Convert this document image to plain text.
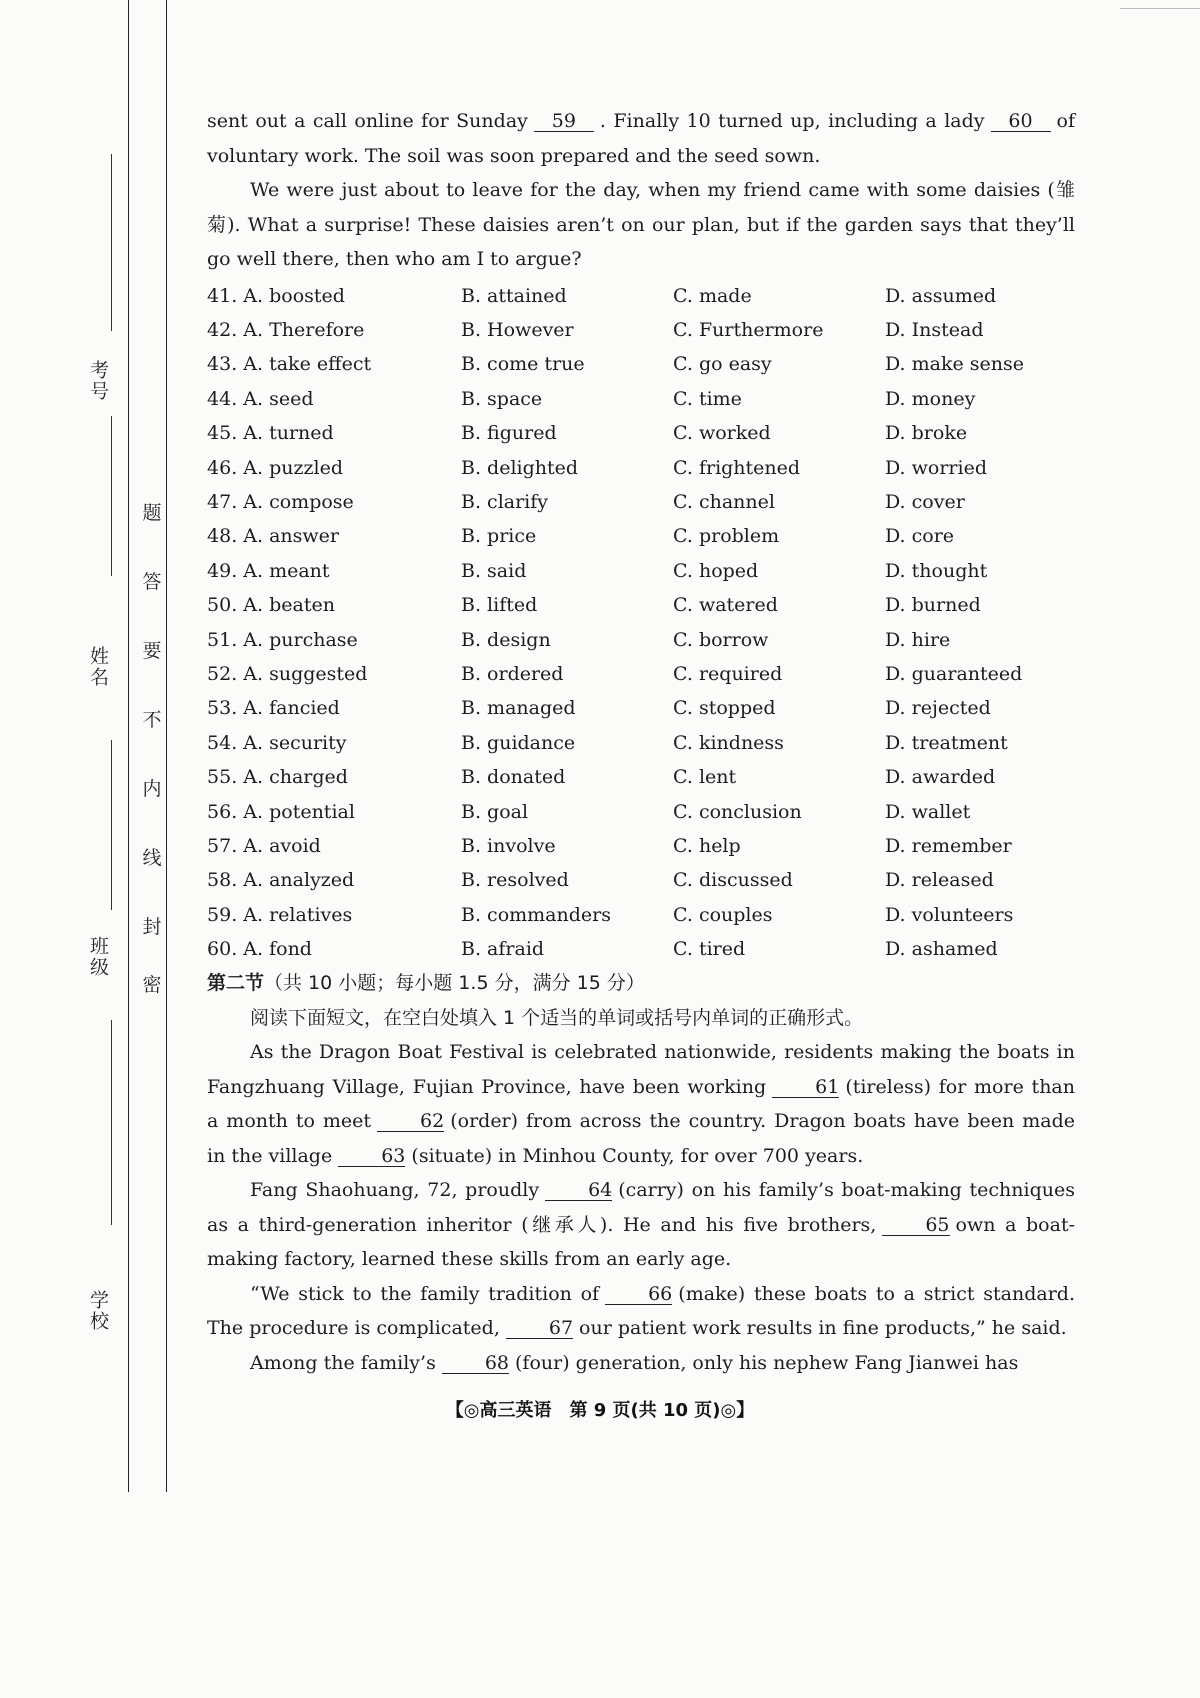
考号
姓名
班级
学校
题
答
要
不
内
线
封
密

sent out a call online for Sunday 59 . Finally 10 turned up, including a lady 60 of voluntary work. The soil was soon prepared and the seed sown.

We were just about to leave for the day, when my friend came with some daisies (雏菊). What a surprise! These daisies aren’t on our plan, but if the garden says that they’ll go well there, then who am I to argue?

41. A. boosted	B. attained	C. made	D. assumed
42. A. Therefore	B. However	C. Furthermore	D. Instead
43. A. take effect	B. come true	C. go easy	D. make sense
44. A. seed	B. space	C. time	D. money
45. A. turned	B. figured	C. worked	D. broke
46. A. puzzled	B. delighted	C. frightened	D. worried
47. A. compose	B. clarify	C. channel	D. cover
48. A. answer	B. price	C. problem	D. core
49. A. meant	B. said	C. hoped	D. thought
50. A. beaten	B. lifted	C. watered	D. burned
51. A. purchase	B. design	C. borrow	D. hire
52. A. suggested	B. ordered	C. required	D. guaranteed
53. A. fancied	B. managed	C. stopped	D. rejected
54. A. security	B. guidance	C. kindness	D. treatment
55. A. charged	B. donated	C. lent	D. awarded
56. A. potential	B. goal	C. conclusion	D. wallet
57. A. avoid	B. involve	C. help	D. remember
58. A. analyzed	B. resolved	C. discussed	D. released
59. A. relatives	B. commanders	C. couples	D. volunteers
60. A. fond	B. afraid	C. tired	D. ashamed
第二节（共 10 小题；每小题 1.5 分，满分 15 分）
阅读下面短文，在空白处填入 1 个适当的单词或括号内单词的正确形式。

As the Dragon Boat Festival is celebrated nationwide, residents making the boats in Fangzhuang Village, Fujian Province, have been working	61 (tireless) for more than a month to meet	62 (order) from across the country. Dragon boats have been made in the village	63 (situate) in Minhou County, for over 700 years.

Fang Shaohuang, 72, proudly	64 (carry) on his family’s boat-making techniques as a third-generation inheritor (继承人). He and his five brothers,	65 own a boat-making factory, learned these skills from an early age.

“We stick to the family tradition of	66 (make) these boats to a strict standard. The procedure is complicated,	67 our patient work results in fine products,” he said.

Among the family’s	68 (four) generation, only his nephew Fang Jianwei has

【◎高三英语　第 9 页(共 10 页)◎】
